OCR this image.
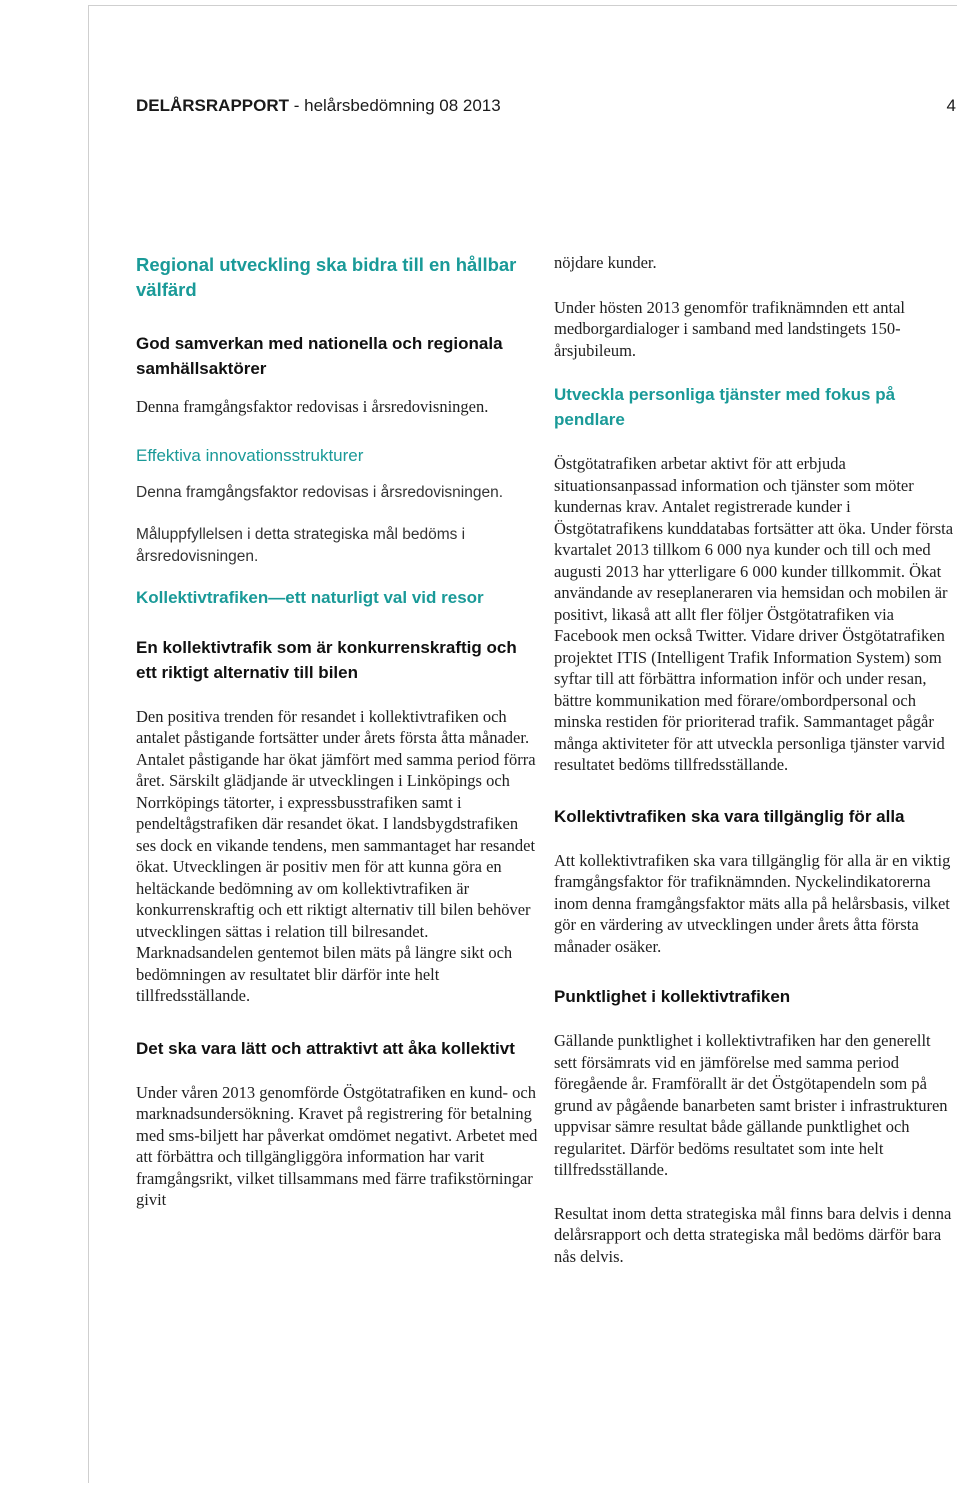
DELÅRSRAPPORT - helårsbedömning 08 2013	4
Regional utveckling ska bidra till en hållbar välfärd
God samverkan med nationella och regionala samhällsaktörer

Denna framgångsfaktor redovisas i årsredovisningen.

Effektiva innovationsstrukturer

Denna framgångsfaktor redovisas i årsredovisningen.

Måluppfyllelsen i detta strategiska mål bedöms i årsredovisningen.

Kollektivtrafiken—ett naturligt val vid resor
En kollektivtrafik som är konkurrenskraftig och ett riktigt alternativ till bilen

Den positiva trenden för resandet i kollektivtrafiken och antalet påstigande fortsätter under årets första åtta månader. Antalet påstigande har ökat jämfört med samma period förra året. Särskilt glädjande är utvecklingen i Linköpings och Norrköpings tätorter, i expressbusstrafiken samt i pendeltågstrafiken där resandet ökat. I landsbygdstrafiken ses dock en vikande tendens, men sammantaget har resandet ökat. Utvecklingen är positiv men för att kunna göra en heltäckande bedömning av om kollektivtrafiken är konkurrenskraftig och ett riktigt alternativ till bilen behöver utvecklingen sättas i relation till bilresandet. Marknadsandelen gentemot bilen mäts på längre sikt och bedömningen av resultatet blir därför inte helt tillfredsställande.

Det ska vara lätt och attraktivt att åka kollektivt

Under våren 2013 genomförde Östgötatrafiken en kund- och marknadsundersökning. Kravet på registrering för betalning med sms-biljett har påverkat omdömet negativt. Arbetet med att förbättra och tillgängliggöra information har varit framgångsrikt, vilket tillsammans med färre trafikstörningar givit

nöjdare kunder.

Under hösten 2013 genomför trafiknämnden ett antal medborgardialoger i samband med landstingets 150-årsjubileum.

Utveckla personliga tjänster med fokus på pendlare

Östgötatrafiken arbetar aktivt för att erbjuda situationsanpassad information och tjänster som möter kundernas krav. Antalet registrerade kunder i Östgötatrafikens kunddatabas fortsätter att öka. Under första kvartalet 2013 tillkom 6 000 nya kunder och till och med augusti 2013 har ytterligare 6 000 kunder tillkommit. Ökat användande av reseplaneraren via hemsidan och mobilen är positivt, likaså att allt fler följer Östgötatrafiken via Facebook men också Twitter. Vidare driver Östgötatrafiken projektet ITIS (Intelligent Trafik Information System) som syftar till att förbättra information inför och under resan, bättre kommunikation med förare/ombordpersonal och minska restiden för prioriterad trafik. Sammantaget pågår många aktiviteter för att utveckla personliga tjänster varvid resultatet bedöms tillfredsställande.

Kollektivtrafiken ska vara tillgänglig för alla

Att kollektivtrafiken ska vara tillgänglig för alla är en viktig framgångsfaktor för trafiknämnden. Nyckelindikatorerna inom denna framgångsfaktor mäts alla på helårsbasis, vilket gör en värdering av utvecklingen under årets åtta första månader osäker.

Punktlighet i kollektivtrafiken

Gällande punktlighet i kollektivtrafiken har den generellt sett försämrats vid en jämförelse med samma period föregående år. Framförallt är det Östgötapendeln som på grund av pågående banarbeten samt brister i infrastrukturen uppvisar sämre resultat både gällande punktlighet och regularitet. Därför bedöms resultatet som inte helt tillfredsställande.

Resultat inom detta strategiska mål finns bara delvis i denna delårsrapport och detta strategiska mål bedöms därför bara nås delvis.
